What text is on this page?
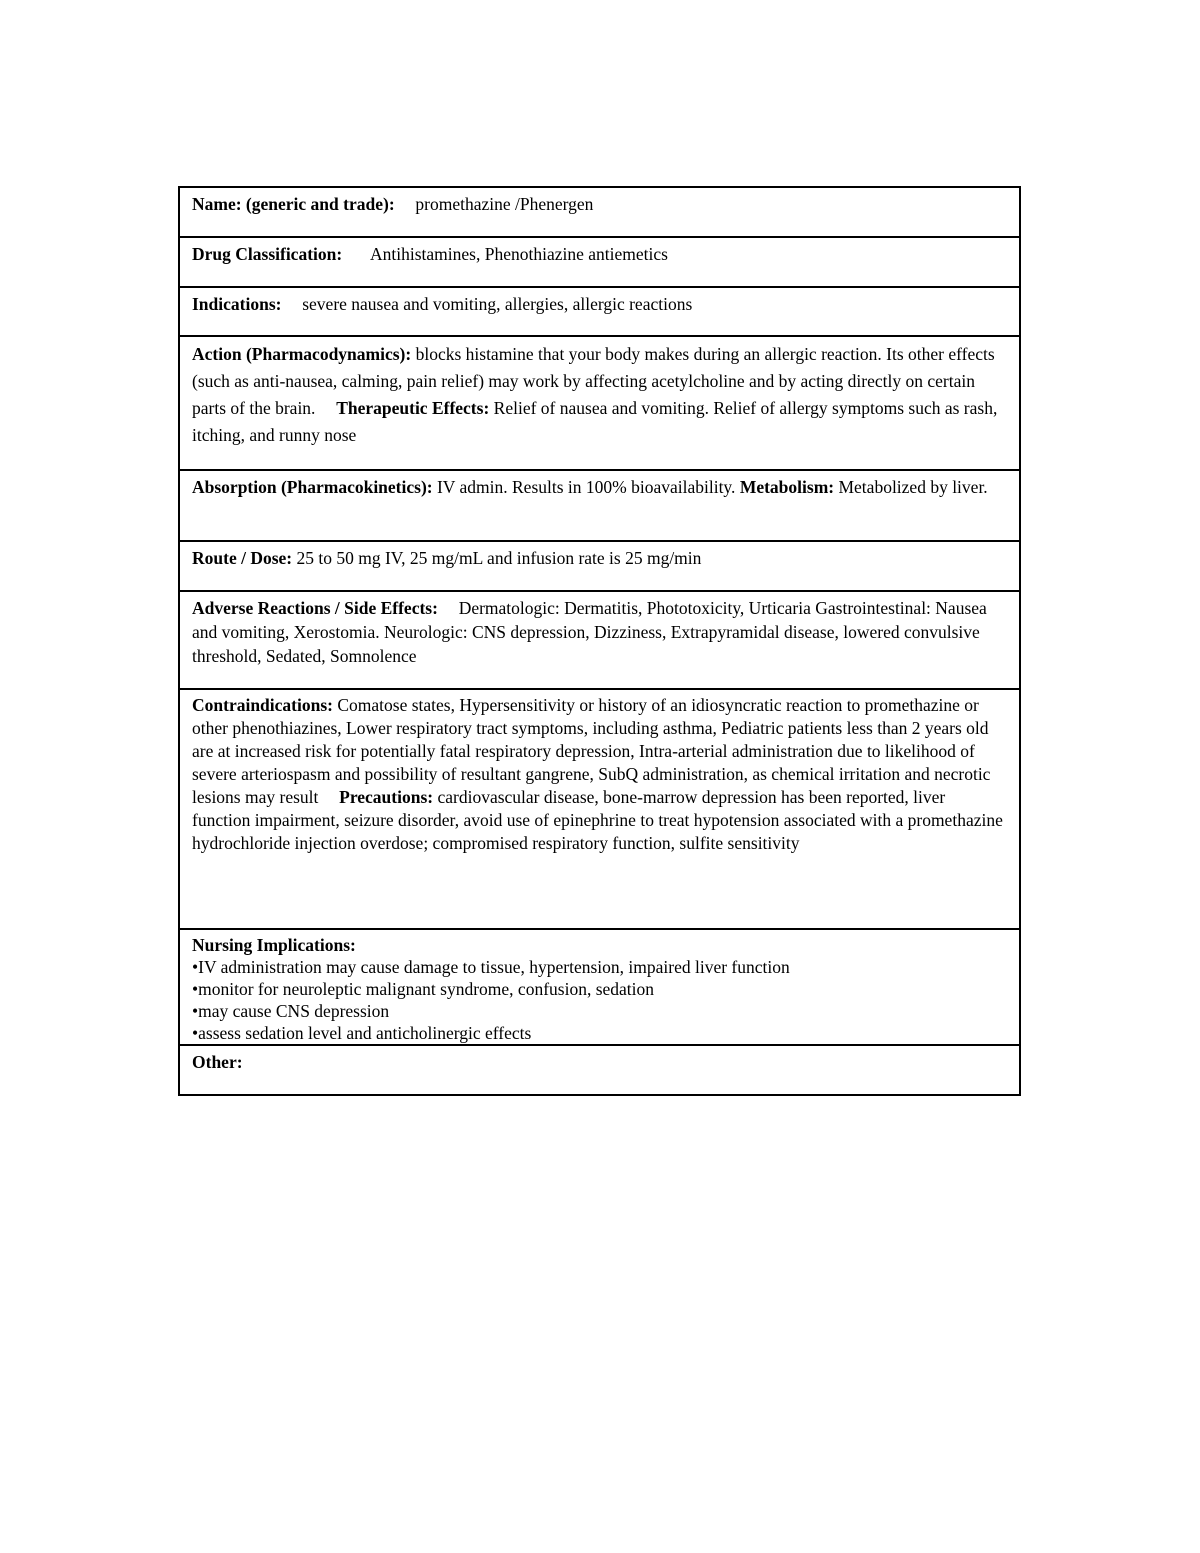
Name: (generic and trade): promethazine /Phenergen
Drug Classification: Antihistamines, Phenothiazine antiemetics
Indications: severe nausea and vomiting, allergies, allergic reactions
Action (Pharmacodynamics): blocks histamine that your body makes during an allergic reaction. Its other effects (such as anti-nausea, calming, pain relief) may work by affecting acetylcholine and by acting directly on certain parts of the brain. Therapeutic Effects: Relief of nausea and vomiting. Relief of allergy symptoms such as rash, itching, and runny nose
Absorption (Pharmacokinetics): IV admin. Results in 100% bioavailability. Metabolism: Metabolized by liver.
Route / Dose: 25 to 50 mg IV, 25 mg/mL and infusion rate is 25 mg/min
Adverse Reactions / Side Effects: Dermatologic: Dermatitis, Phototoxicity, Urticaria Gastrointestinal: Nausea and vomiting, Xerostomia. Neurologic: CNS depression, Dizziness, Extrapyramidal disease, lowered convulsive threshold, Sedated, Somnolence
Contraindications: Comatose states, Hypersensitivity or history of an idiosyncratic reaction to promethazine or other phenothiazines, Lower respiratory tract symptoms, including asthma, Pediatric patients less than 2 years old are at increased risk for potentially fatal respiratory depression, Intra-arterial administration due to likelihood of severe arteriospasm and possibility of resultant gangrene, SubQ administration, as chemical irritation and necrotic lesions may result Precautions: cardiovascular disease, bone-marrow depression has been reported, liver function impairment, seizure disorder, avoid use of epinephrine to treat hypotension associated with a promethazine hydrochloride injection overdose; compromised respiratory function, sulfite sensitivity
Nursing Implications:
• IV administration may cause damage to tissue, hypertension, impaired liver function
• monitor for neuroleptic malignant syndrome, confusion, sedation
• may cause CNS depression
• assess sedation level and anticholinergic effects
Other:
